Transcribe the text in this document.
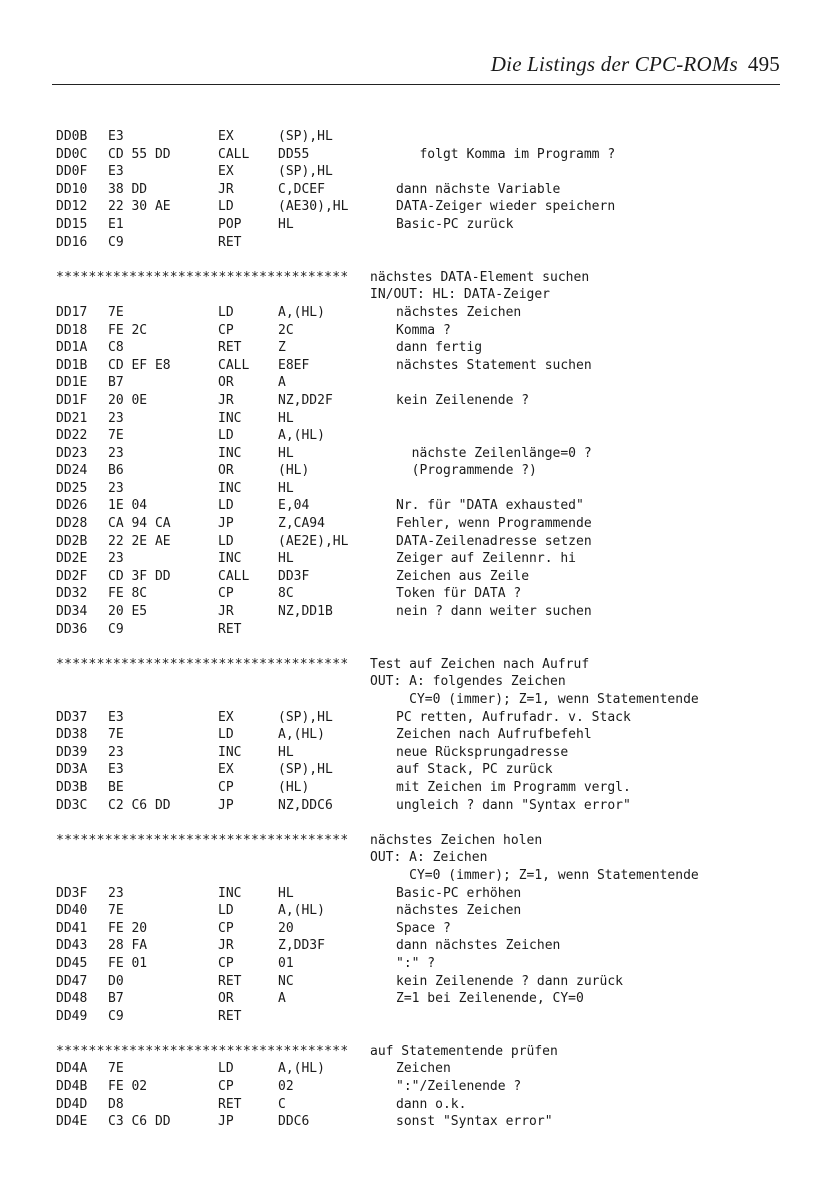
Die Listings der CPC-ROMs 495
DD0B E3	EX	(SP),HL
DD0C CD 55 DD	CALL DD55	folgt Komma im Programm ?
DD0F E3	EX	(SP),HL
DD10 38 DD	JR	C,DCEF	dann nächste Variable
DD12 22 30 AE	LD	(AE30),HL	DATA-Zeiger wieder speichern
DD15 E1	POP	HL	Basic-PC zurück
DD16 C9	RET
************************************ nächstes DATA-Element suchen
IN/OUT: HL: DATA-Zeiger
DD17 7E	LD	A,(HL)	nächstes Zeichen
DD18 FE 2C	CP	2C	Komma ?
DD1A C8	RET	Z	dann fertig
DD1B CD EF E8	CALL E8EF	nächstes Statement suchen
DD1E B7	OR	A
DD1F 20 0E	JR	NZ,DD2F	kein Zeilenende ?
DD21 23	INC	HL
DD22 7E	LD	A,(HL)
DD23 23	INC	HL	nächste Zeilenlänge=0 ?
DD24 B6	OR	(HL)	(Programmende ?)
DD25 23	INC	HL
DD26 1E 04	LD	E,04	Nr. für "DATA exhausted"
DD28 CA 94 CA	JP	Z,CA94	Fehler, wenn Programmende
DD2B 22 2E AE	LD	(AE2E),HL	DATA-Zeilenadresse setzen
DD2E 23	INC	HL	Zeiger auf Zeilennr. hi
DD2F CD 3F DD	CALL DD3F	Zeichen aus Zeile
DD32 FE 8C	CP	8C	Token für DATA ?
DD34 20 E5	JR	NZ,DD1B	nein ? dann weiter suchen
DD36 C9	RET
************************************ Test auf Zeichen nach Aufruf
OUT: A: folgendes Zeichen
CY=0 (immer); Z=1, wenn Statementende
DD37 E3	EX	(SP),HL	PC retten, Aufrufadr. v. Stack
DD38 7E	LD	A,(HL)	Zeichen nach Aufrufbefehl
DD39 23	INC	HL	neue Rücksprungadresse
DD3A E3	EX	(SP),HL	auf Stack, PC zurück
DD3B BE	CP	(HL)	mit Zeichen im Programm vergl.
DD3C C2 C6 DD	JP	NZ,DDC6	ungleich ? dann "Syntax error"
************************************ nächstes Zeichen holen
OUT: A: Zeichen
CY=0 (immer); Z=1, wenn Statementende
DD3F 23	INC	HL	Basic-PC erhöhen
DD40 7E	LD	A,(HL)	nächstes Zeichen
DD41 FE 20	CP	20	Space ?
DD43 28 FA	JR	Z,DD3F	dann nächstes Zeichen
DD45 FE 01	CP	01	":" ?
DD47 D0	RET	NC	kein Zeilenende ? dann zurück
DD48 B7	OR	A	Z=1 bei Zeilenende, CY=0
DD49 C9	RET
************************************ auf Statementende prüfen
DD4A 7E	LD	A,(HL)	Zeichen
DD4B FE 02	CP	02	":"/Zeilenende ?
DD4D D8	RET	C	dann o.k.
DD4E C3 C6 DD	JP	DDC6	sonst "Syntax error"
